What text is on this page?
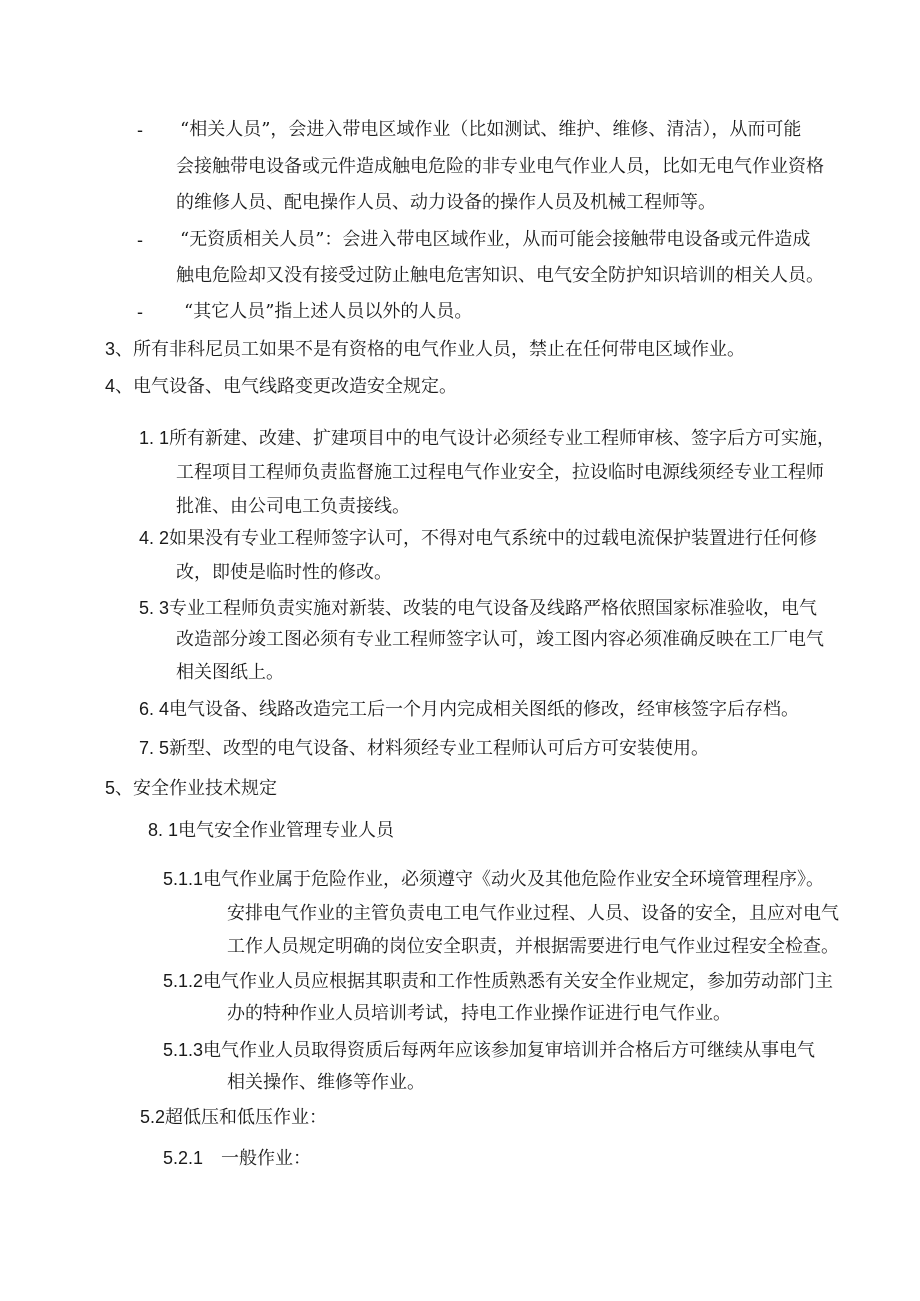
- “相关人员”，会进入带电区域作业（比如测试、维护、维修、清洁），从而可能
会接触带电设备或元件造成触电危险的非专业电气作业人员，比如无电气作业资格
的维修人员、配电操作人员、动力设备的操作人员及机械工程师等。
- “无资质相关人员”：会进入带电区域作业，从而可能会接触带电设备或元件造成
触电危险却又没有接受过防止触电危害知识、电气安全防护知识培训的相关人员。
- “其它人员”指上述人员以外的人员。
3、所有非科尼员工如果不是有资格的电气作业人员，禁止在任何带电区域作业。
4、电气设备、电气线路变更改造安全规定。
1. 1所有新建、改建、扩建项目中的电气设计必须经专业工程师审核、签字后方可实施，
工程项目工程师负责监督施工过程电气作业安全，拉设临时电源线须经专业工程师
批准、由公司电工负责接线。
4. 2如果没有专业工程师签字认可，不得对电气系统中的过载电流保护装置进行任何修
改，即使是临时性的修改。
5. 3专业工程师负责实施对新装、改装的电气设备及线路严格依照国家标准验收，电气
改造部分竣工图必须有专业工程师签字认可，竣工图内容必须准确反映在工厂电气
相关图纸上。
6. 4电气设备、线路改造完工后一个月内完成相关图纸的修改，经审核签字后存档。
7. 5新型、改型的电气设备、材料须经专业工程师认可后方可安装使用。
5、安全作业技术规定
8. 1电气安全作业管理专业人员
5.1.1电气作业属于危险作业，必须遵守《动火及其他危险作业安全环境管理程序》。
安排电气作业的主管负责电工电气作业过程、人员、设备的安全，且应对电气
工作人员规定明确的岗位安全职责，并根据需要进行电气作业过程安全检查。
5.1.2电气作业人员应根据其职责和工作性质熟悉有关安全作业规定，参加劳动部门主
办的特种作业人员培训考试，持电工作业操作证进行电气作业。
5.1.3电气作业人员取得资质后每两年应该参加复审培训并合格后方可继续从事电气
相关操作、维修等作业。
5.2超低压和低压作业：
5.2.1 一般作业：
